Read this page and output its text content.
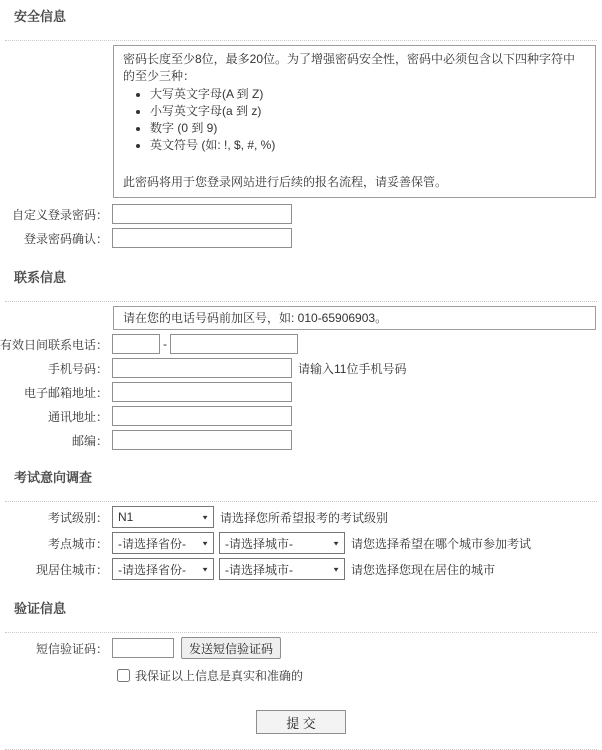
安全信息
密码长度至少8位，最多20位。为了增强密码安全性，密码中必须包含以下四种字符中的至少三种：
• 大写英文字母(A 到 Z)
• 小写英文字母(a 到 z)
• 数字 (0 到 9)
• 英文符号 (如: !, $, #, %)
此密码将用于您登录网站进行后续的报名流程，请妥善保管。
自定义登录密码：
登录密码确认：
联系信息
请在您的电话号码前加区号，如: 010-65906903。
有效日间联系电话：	-
手机号码：	请输入11位手机号码
电子邮箱地址：
通讯地址：
邮编：
考试意向调查
考试级别： N1	▼ 请选择您所希望报考的考试级别
考点城市： -请选择省份- ▼ -请选择城市-	▼ 请您选择希望在哪个城市参加考试
现居住城市： -请选择省份- ▼ -请选择城市-	▼ 请您选择您现在居住的城市
验证信息
短信验证码：	发送短信验证码
我保证以上信息是真实和准确的
提 交
